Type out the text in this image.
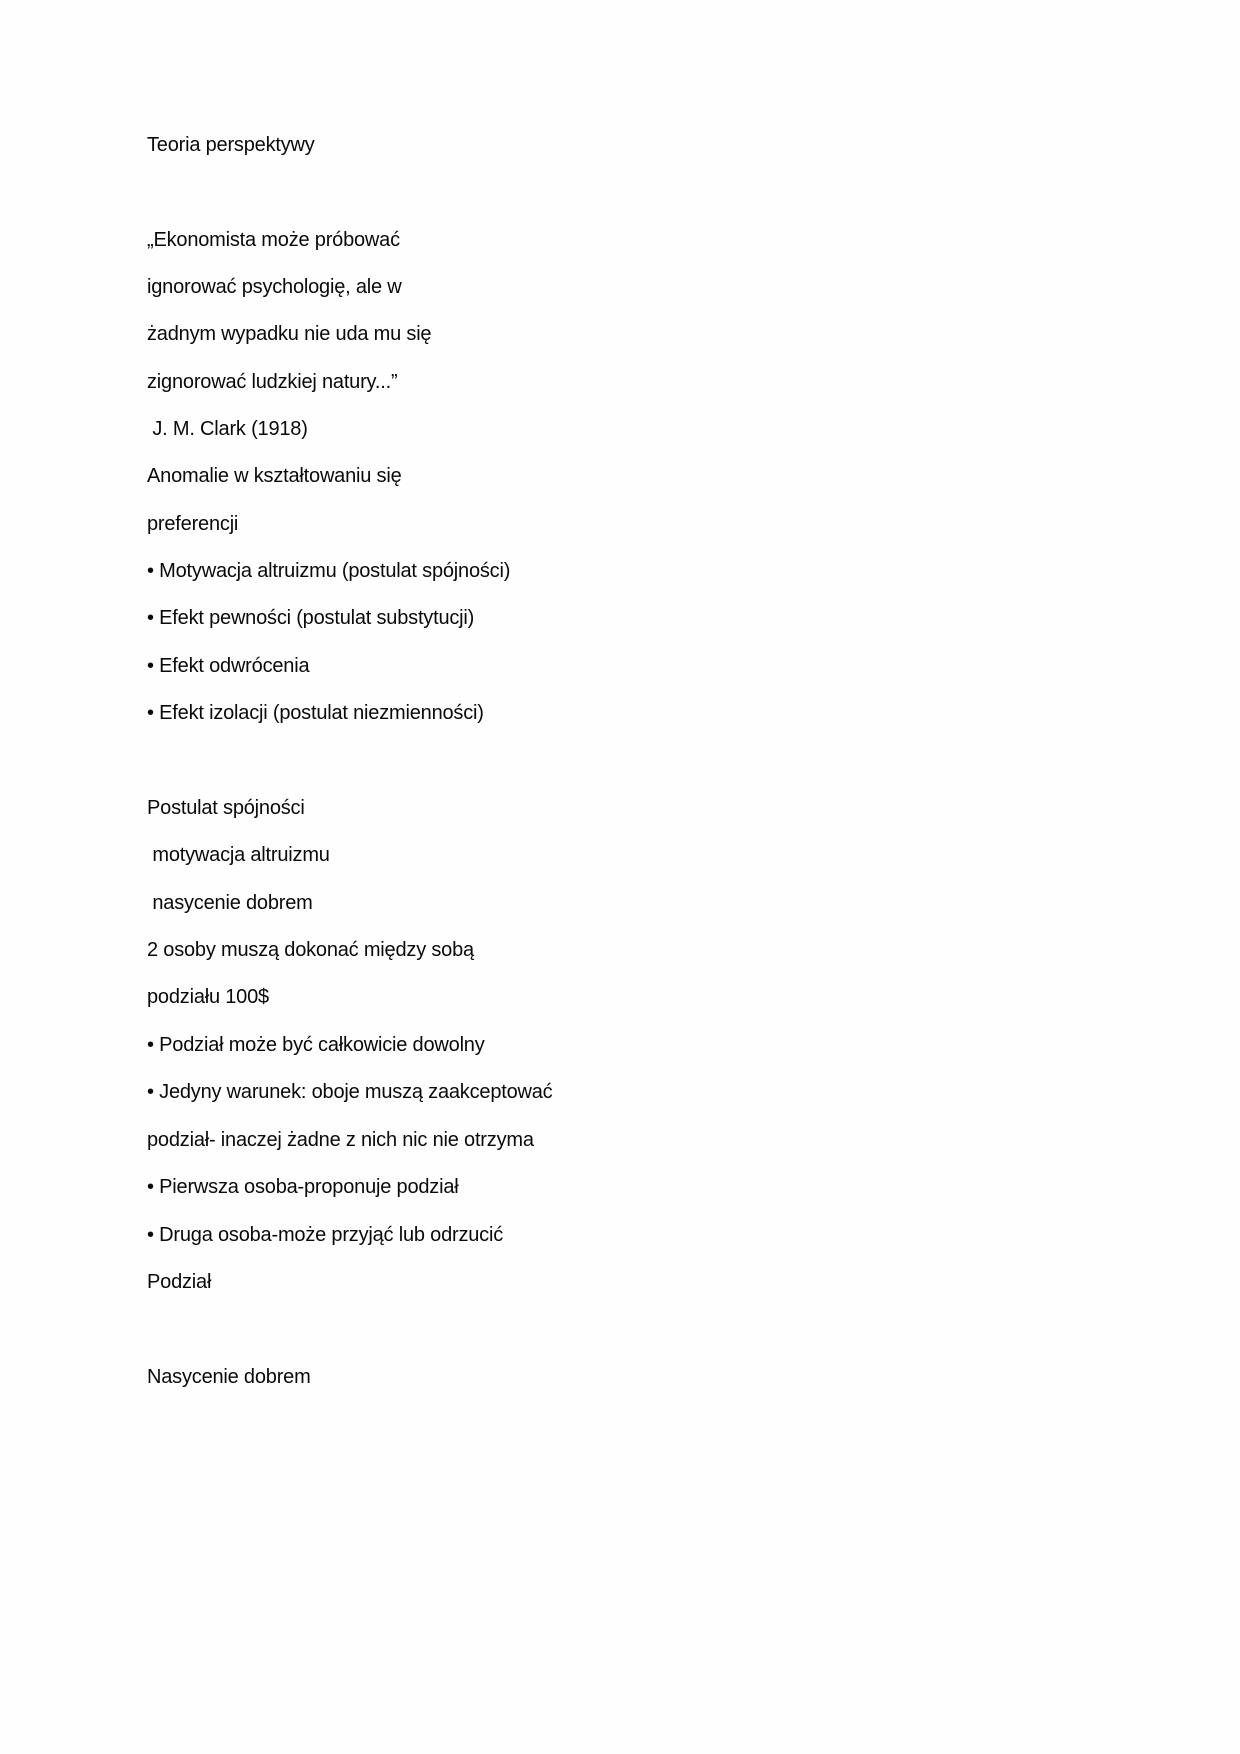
Teoria perspektywy
„Ekonomista może próbować
ignorować psychologię, ale w
żadnym wypadku nie uda mu się
zignorować ludzkiej natury...”
J. M. Clark (1918)
Anomalie w kształtowaniu się
preferencji
• Motywacja altruizmu (postulat spójności)
• Efekt pewności (postulat substytucji)
• Efekt odwrócenia
• Efekt izolacji (postulat niezmienności)
Postulat spójności
motywacja altruizmu
nasycenie dobrem
2 osoby muszą dokonać między sobą
podziału 100$
• Podział może być całkowicie dowolny
• Jedyny warunek: oboje muszą zaakceptować
podział- inaczej żadne z nich nic nie otrzyma
• Pierwsza osoba-proponuje podział
• Druga osoba-może przyjąć lub odrzucić
Podział
Nasycenie dobrem
